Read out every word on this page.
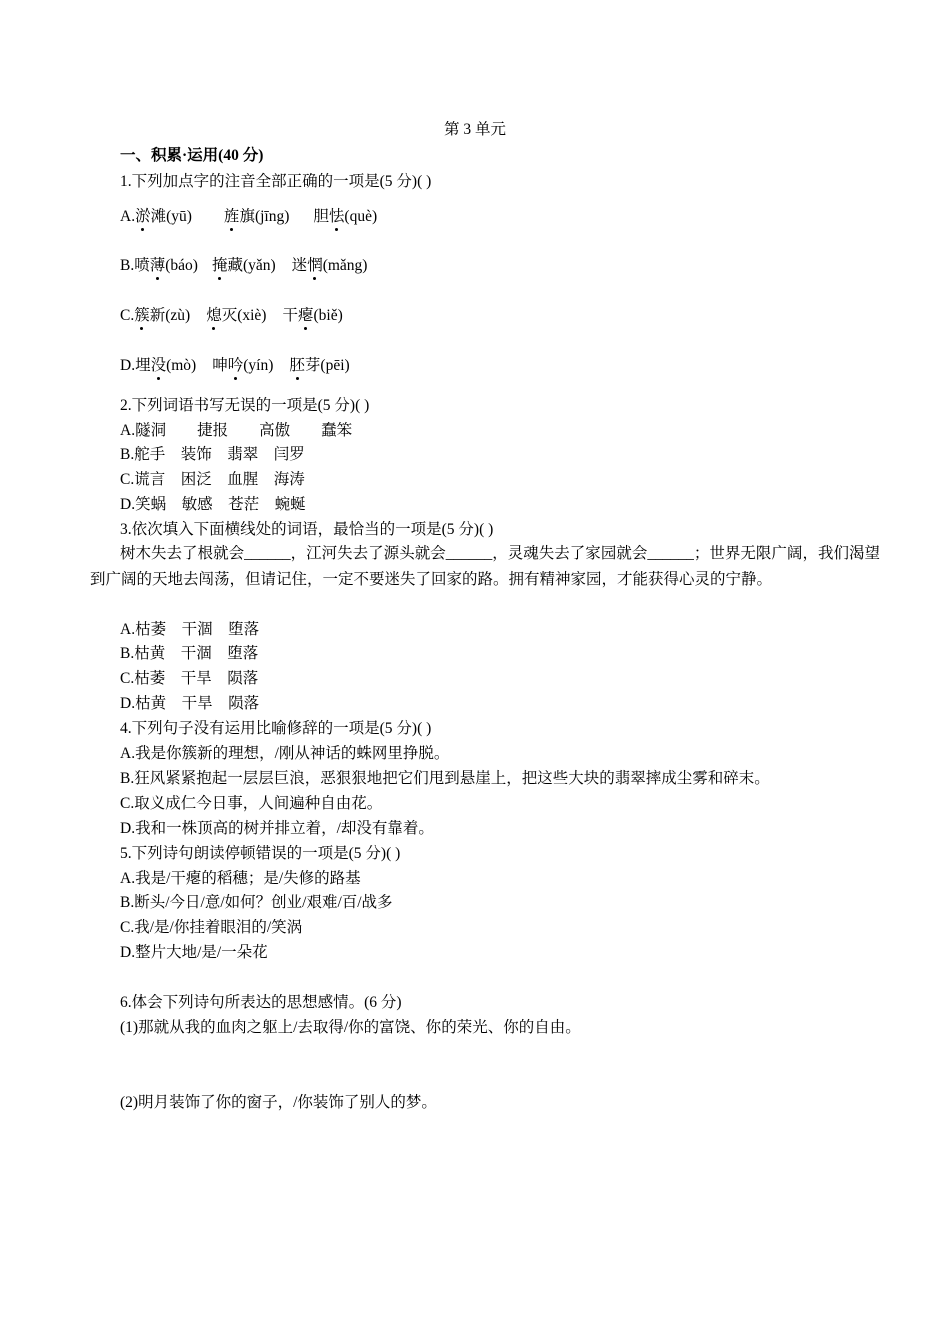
第 3 单元
一、积累·运用(40 分)
1.下列加点字的注音全部正确的一项是(5 分)( )
A.淤滩(yū) 旌旗(jīng) 胆怯(què)
B.喷薄(báo) 掩藏(yǎn) 迷惘(mǎng)
C.簇新(zù) 熄灭(xiè) 干瘪(biě)
D.埋没(mò) 呻吟(yín) 胚芽(pēi)
2.下列词语书写无误的一项是(5 分)( )
A.隧洞        捷报        高傲        蠢笨
B.舵手    装饰    翡翠    闫罗
C.谎言    困泛    血腥    海涛
D.笑蜗    敏感    苍茫    蜿蜒
3.依次填入下面横线处的词语，最恰当的一项是(5 分)( )
树木失去了根就会______，江河失去了源头就会______，灵魂失去了家园就会______；世界无限广阔，我们渴望到广阔的天地去闯荡，但请记住，一定不要迷失了回家的路。拥有精神家园，才能获得心灵的宁静。
A.枯萎    干涸    堕落
B.枯黄    干涸    堕落
C.枯萎    干旱    陨落
D.枯黄    干旱    陨落
4.下列句子没有运用比喻修辞的一项是(5 分)( )
A.我是你簇新的理想，/刚从神话的蛛网里挣脱。
B.狂风紧紧抱起一层层巨浪，恶狠狠地把它们甩到悬崖上，把这些大块的翡翠摔成尘雾和碎末。
C.取义成仁今日事，人间遍种自由花。
D.我和一株顶高的树并排立着，/却没有靠着。
5.下列诗句朗读停顿错误的一项是(5 分)( )
A.我是/干瘪的稻穗；是/失修的路基
B.断头/今日/意/如何？创业/艰难/百/战多
C.我/是/你挂着眼泪的/笑涡
D.整片大地/是/一朵花
6.体会下列诗句所表达的思想感情。(6 分)
(1)那就从我的血肉之躯上/去取得/你的富饶、你的荣光、你的自由。
(2)明月装饰了你的窗子，/你装饰了别人的梦。
